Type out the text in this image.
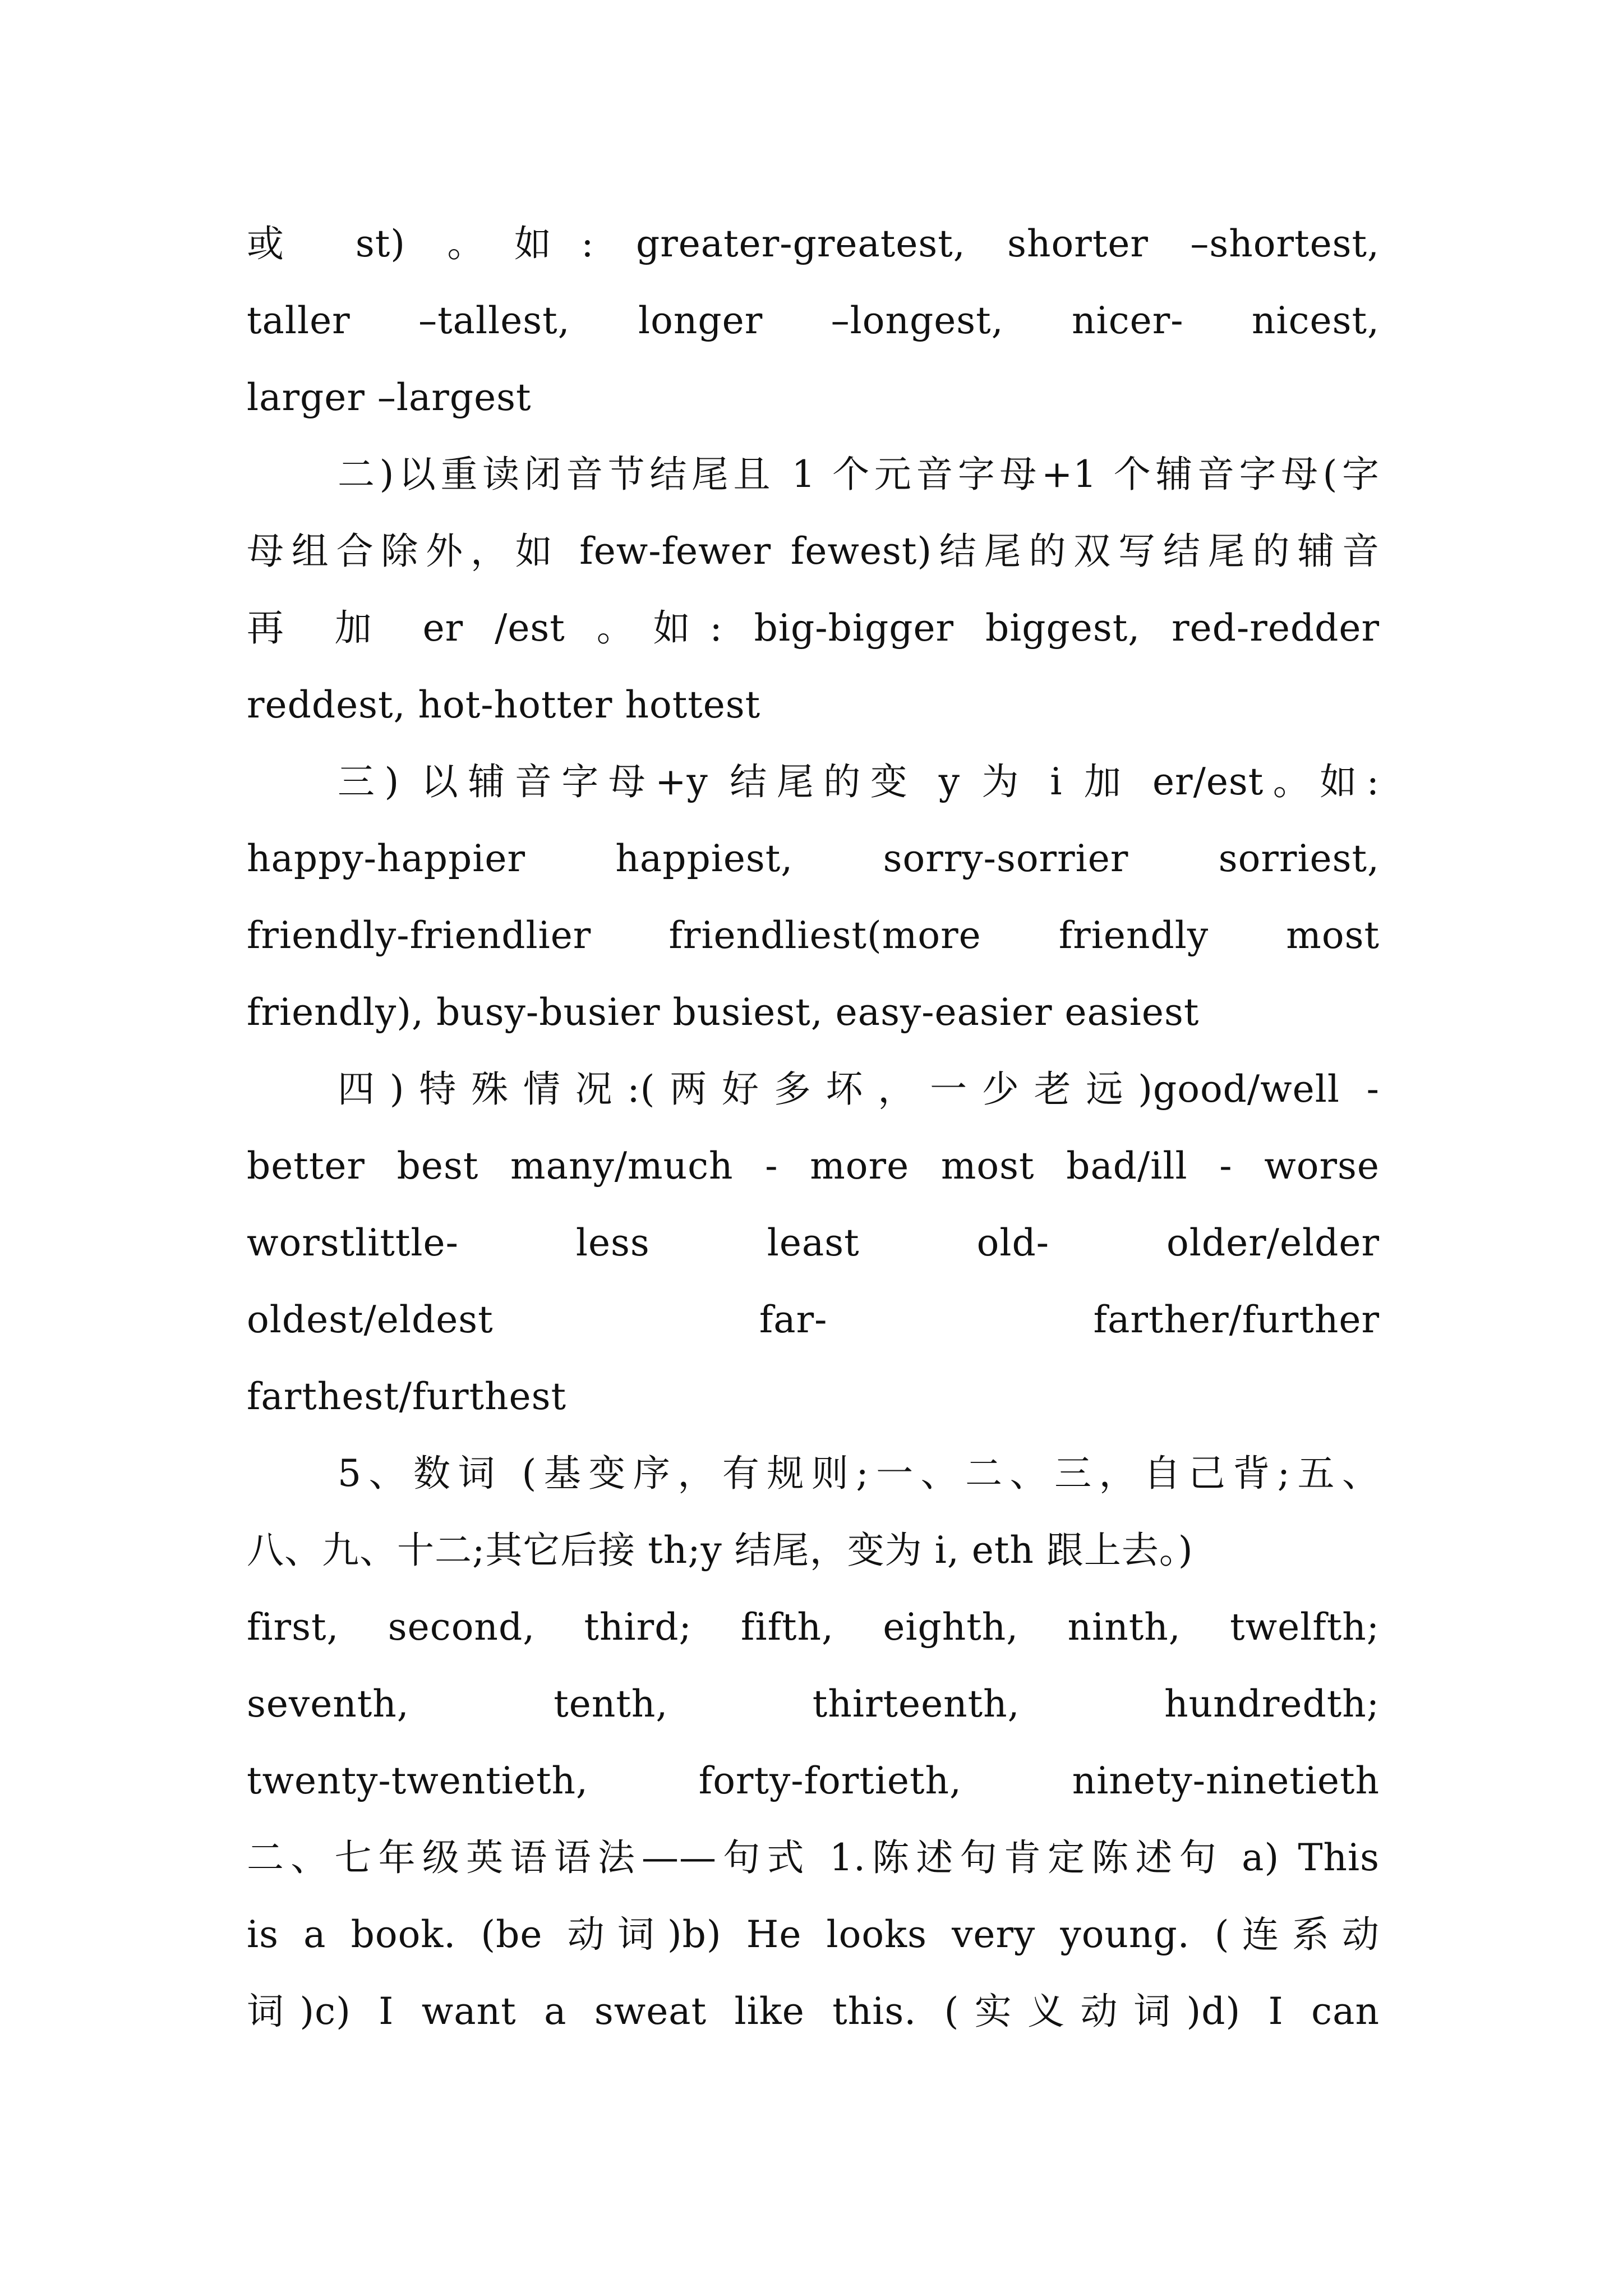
或 st) 。如: greater-greatest, shorter –shortest,
taller –tallest, longer –longest, nicer- nicest,
larger –largest
二)以重读闭音节结尾且 1 个元音字母+1 个辅音字母(字
母组合除外，如 few-fewer fewest)结尾的双写结尾的辅音
再 加 er /est 。如: big-bigger biggest, red-redder
reddest, hot-hotter hottest
三) 以辅音字母+y 结尾的变 y 为 i 加 er/est。如:
happy-happier happiest, sorry-sorrier sorriest,
friendly-friendlier friendliest(more friendly most
friendly), busy-busier busiest, easy-easier easiest
四)特殊情况:(两好多坏，一少老远)good/well -
better best many/much - more most bad/ill - worse
worstlittle- less least old- older/elder
oldest/eldest far- farther/further
farthest/furthest
5、数词 (基变序，有规则;一、二、三，自己背;五、
八、九、十二;其它后接 th;y 结尾，变为 i, eth 跟上去。)
first, second, third; fifth, eighth, ninth, twelfth;
seventh, tenth, thirteenth, hundredth;
twenty-twentieth, forty-fortieth, ninety-ninetieth
二、七年级英语语法——句式 1.陈述句肯定陈述句 a) This
is a book. (be 动词)b) He looks very young. (连系动
词)c) I want a sweat like this. (实义动词)d) I can
